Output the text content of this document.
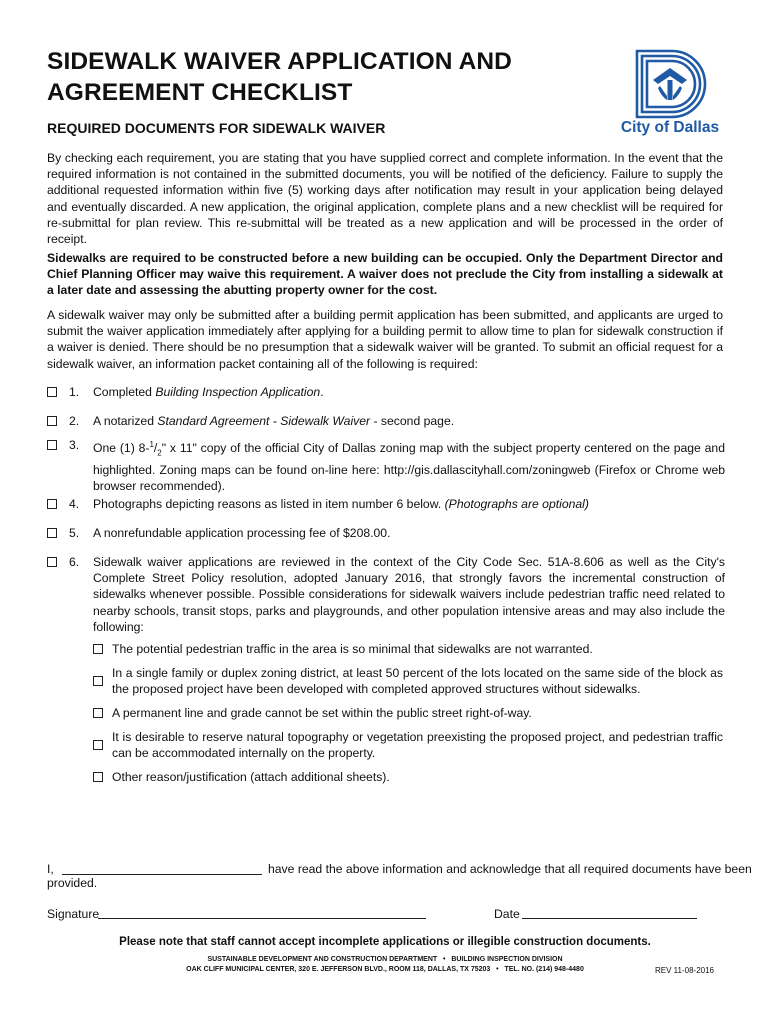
SIDEWALK WAIVER APPLICATION AND
AGREEMENT CHECKLIST
City of Dallas
REQUIRED DOCUMENTS FOR SIDEWALK WAIVER
By checking each requirement, you are stating that you have supplied correct and complete information. In the event that the required information is not contained in the submitted documents, you will be notified of the deficiency. Failure to supply the additional requested information within five (5) working days after notification may result in your application being delayed and eventually discarded. A new application, the original application, complete plans and a new checklist will be required for re-submittal for plan review. This re-submittal will be treated as a new application and will be processed in the order of receipt.
Sidewalks are required to be constructed before a new building can be occupied. Only the Department Director and Chief Planning Officer may waive this requirement. A waiver does not preclude the City from installing a sidewalk at a later date and assessing the abutting property owner for the cost.
A sidewalk waiver may only be submitted after a building permit application has been submitted, and applicants are urged to submit the waiver application immediately after applying for a building permit to allow time to plan for sidewalk construction if a waiver is denied. There should be no presumption that a sidewalk waiver will be granted. To submit an official request for a sidewalk waiver, an information packet containing all of the following is required:
1. Completed Building Inspection Application.
2. A notarized Standard Agreement - Sidewalk Waiver - second page.
3. One (1) $8-^1/_2$" x 11" copy of the official City of Dallas zoning map with the subject property centered on the page and highlighted. Zoning maps can be found on-line here: http://gis.dallascityhall.com/zoningweb (Firefox or Chrome web browser recommended).
4. Photographs depicting reasons as listed in item number 6 below. (Photographs are optional)
5. A nonrefundable application processing fee of $208.00.
6. Sidewalk waiver applications are reviewed in the context of the City Code Sec. 51A-8.606 as well as the City's Complete Street Policy resolution, adopted January 2016, that strongly favors the incremental construction of sidewalks whenever possible. Possible considerations for sidewalk waivers include pedestrian traffic need related to nearby schools, transit stops, parks and playgrounds, and other population intensive areas and may also include the following:
The potential pedestrian traffic in the area is so minimal that sidewalks are not warranted.
In a single family or duplex zoning district, at least 50 percent of the lots located on the same side of the block as the proposed project have been developed with completed approved structures without sidewalks.
A permanent line and grade cannot be set within the public street right-of-way.
It is desirable to reserve natural topography or vegetation preexisting the proposed project, and pedestrian traffic can be accommodated internally on the property.
Other reason/justification (attach additional sheets).
I,	have read the above information and acknowledge that all required documents have been
provided.
Signature	Date
Please note that staff cannot accept incomplete applications or illegible construction documents.
SUSTAINABLE DEVELOPMENT AND CONSTRUCTION DEPARTMENT • BUILDING INSPECTION DIVISION
OAK CLIFF MUNICIPAL CENTER, 320 E. JEFFERSON BLVD., ROOM 118, DALLAS, TX 75203 • TEL. NO. (214) 948-4480	REV 11-08-2016
